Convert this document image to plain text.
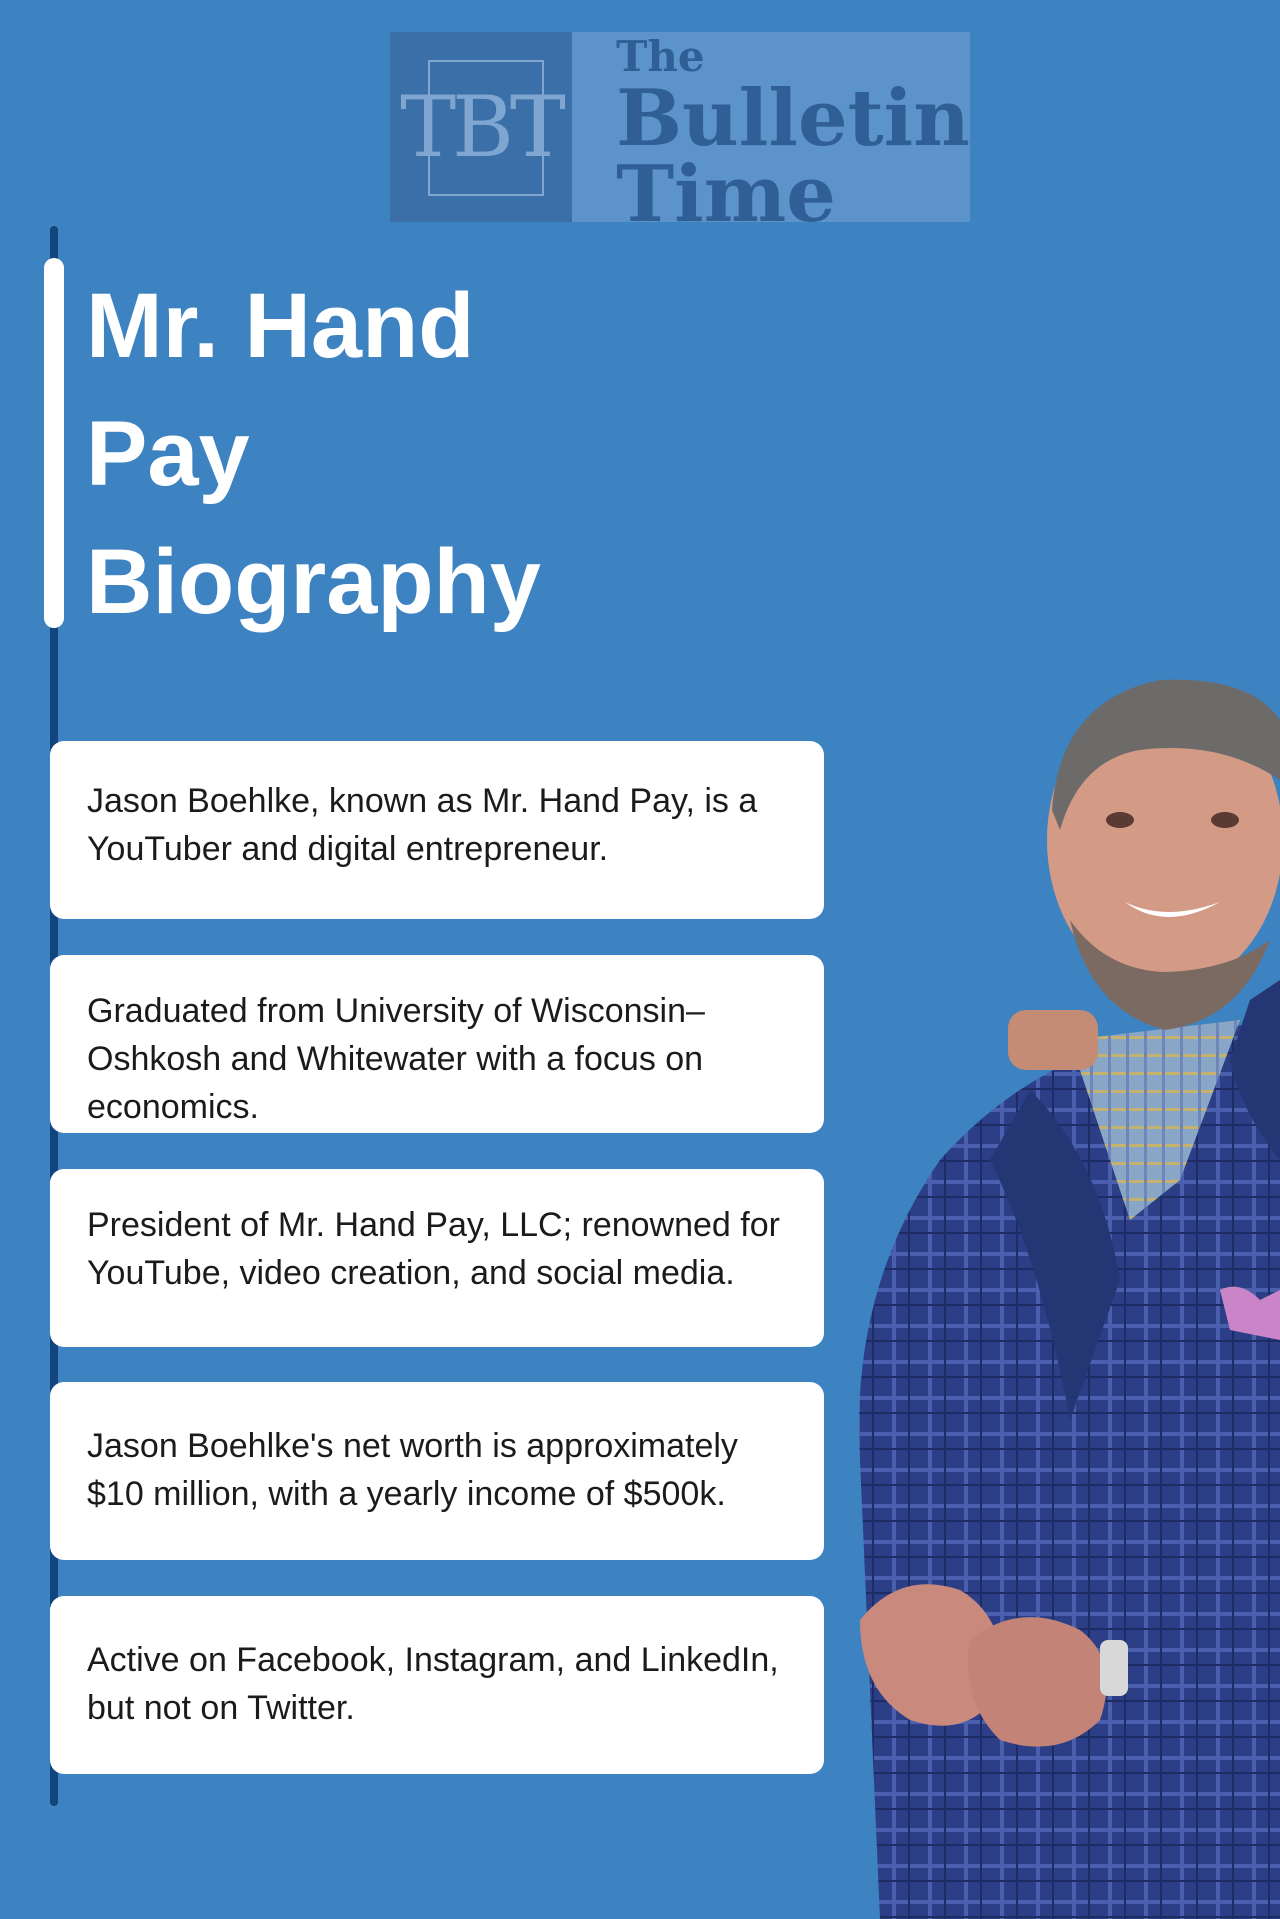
TBT
The
Bulletin
Time
Mr. Hand
Pay
Biography
Jason Boehlke, known as Mr. Hand Pay, is a YouTuber and digital entrepreneur.
Graduated from University of Wisconsin–Oshkosh and Whitewater with a focus on economics.
President of Mr. Hand Pay, LLC; renowned for YouTube, video creation, and social media.
Jason Boehlke's net worth is approximately $10 million, with a yearly income of $500k.
Active on Facebook, Instagram, and LinkedIn, but not on Twitter.
